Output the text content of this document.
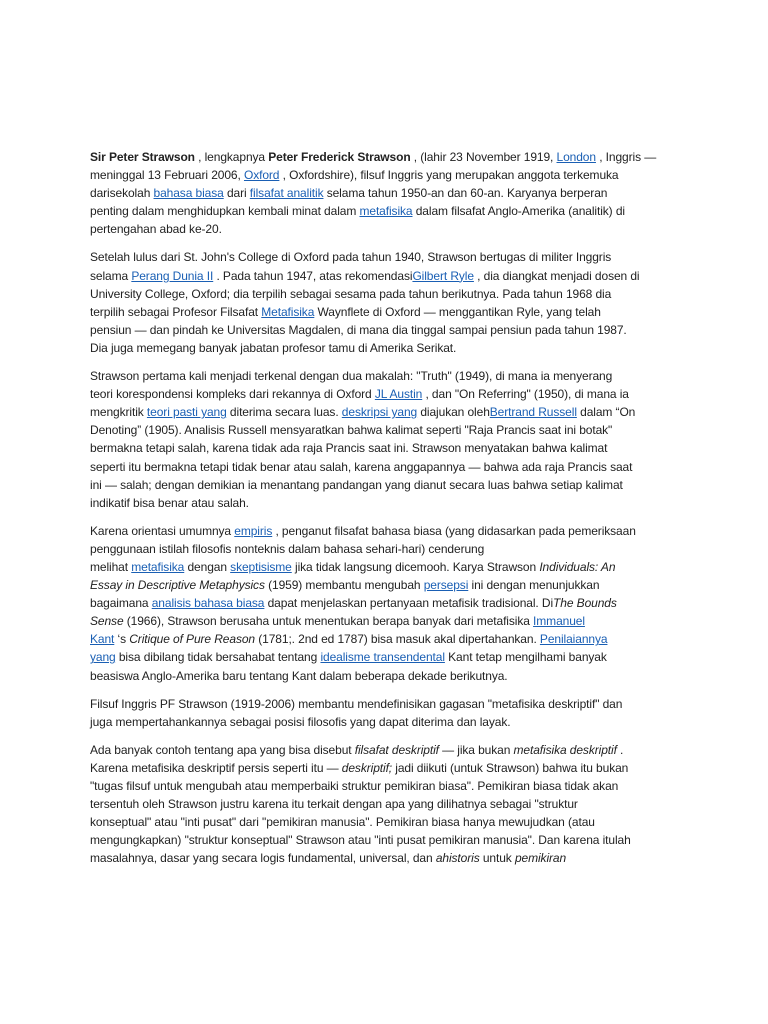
Sir Peter Strawson , lengkapnya Peter Frederick Strawson , (lahir 23 November 1919, London , Inggris —
meninggal 13 Februari 2006, Oxford , Oxfordshire), filsuf Inggris yang merupakan anggota terkemuka
darisekolah bahasa biasa dari filsafat analitik selama tahun 1950-an dan 60-an. Karyanya berperan
penting dalam menghidupkan kembali minat dalam metafisika dalam filsafat Anglo-Amerika (analitik) di
pertengahan abad ke-20.
Setelah lulus dari St. John's College di Oxford pada tahun 1940, Strawson bertugas di militer Inggris
selama Perang Dunia II . Pada tahun 1947, atas rekomendasiGilbert Ryle , dia diangkat menjadi dosen di
University College, Oxford; dia terpilih sebagai sesama pada tahun berikutnya. Pada tahun 1968 dia
terpilih sebagai Profesor Filsafat Metafisika Waynflete di Oxford — menggantikan Ryle, yang telah
pensiun — dan pindah ke Universitas Magdalen, di mana dia tinggal sampai pensiun pada tahun 1987.
Dia juga memegang banyak jabatan profesor tamu di Amerika Serikat.
Strawson pertama kali menjadi terkenal dengan dua makalah: "Truth" (1949), di mana ia menyerang
teori korespondensi kompleks dari rekannya di Oxford JL Austin , dan "On Referring" (1950), di mana ia
mengkritik teori pasti yang diterima secara luas. deskripsi yang diajukan olehBertrand Russell dalam “On
Denoting” (1905). Analisis Russell mensyaratkan bahwa kalimat seperti "Raja Prancis saat ini botak"
bermakna tetapi salah, karena tidak ada raja Prancis saat ini. Strawson menyatakan bahwa kalimat
seperti itu bermakna tetapi tidak benar atau salah, karena anggapannya — bahwa ada raja Prancis saat
ini — salah; dengan demikian ia menantang pandangan yang dianut secara luas bahwa setiap kalimat
indikatif bisa benar atau salah.
Karena orientasi umumnya empiris , penganut filsafat bahasa biasa (yang didasarkan pada pemeriksaan
penggunaan istilah filosofis nonteknis dalam bahasa sehari-hari) cenderung
melihat metafisika dengan skeptisisme jika tidak langsung dicemooh. Karya Strawson Individuals: An
Essay in Descriptive Metaphysics (1959) membantu mengubah persepsi ini dengan menunjukkan
bagaimana analisis bahasa biasa dapat menjelaskan pertanyaan metafisik tradisional. DiThe Bounds
Sense (1966), Strawson berusaha untuk menentukan berapa banyak dari metafisika Immanuel
Kant ‘s Critique of Pure Reason (1781;. 2nd ed 1787) bisa masuk akal dipertahankan. Penilaiannya
yang bisa dibilang tidak bersahabat tentang idealisme transendental Kant tetap mengilhami banyak
beasiswa Anglo-Amerika baru tentang Kant dalam beberapa dekade berikutnya.
Filsuf Inggris PF Strawson (1919-2006) membantu mendefinisikan gagasan "metafisika deskriptif" dan
juga mempertahankannya sebagai posisi filosofis yang dapat diterima dan layak.
Ada banyak contoh tentang apa yang bisa disebut filsafat deskriptif — jika bukan metafisika deskriptif .
Karena metafisika deskriptif persis seperti itu — deskriptif; jadi diikuti (untuk Strawson) bahwa itu bukan
"tugas filsuf untuk mengubah atau memperbaiki struktur pemikiran biasa". Pemikiran biasa tidak akan
tersentuh oleh Strawson justru karena itu terkait dengan apa yang dilihatnya sebagai "struktur
konseptual" atau "inti pusat" dari "pemikiran manusia". Pemikiran biasa hanya mewujudkan (atau
mengungkapkan) "struktur konseptual" Strawson atau "inti pusat pemikiran manusia". Dan karena itulah
masalahnya, dasar yang secara logis fundamental, universal, dan ahistoris untuk pemikiran
